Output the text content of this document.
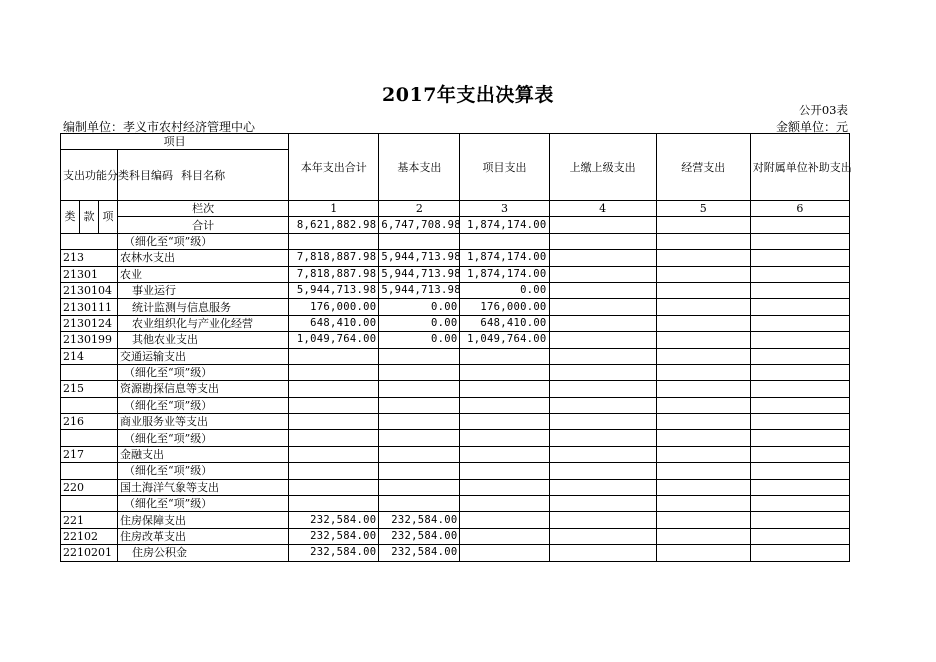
2017年支出决算表
公开03表
编制单位：孝义市农村经济管理中心	金额单位：元
项目				本年支出合计	基本支出	项目支出	上缴上级支出	经营支出	对附属单位补助支出
支出功能分类科目编码			科目名称						

类	款	项	栏次	1	2	3	4	5	6
			合计	8,621,882.98	6,747,708.98	1,874,174.00			
			（细化至“项”级）						
213			农林水支出	7,818,887.98	5,944,713.98	1,874,174.00			
21301			农业	7,818,887.98	5,944,713.98	1,874,174.00			
2130104			事业运行	5,944,713.98	5,944,713.98	0.00			
2130111			统计监测与信息服务	176,000.00	0.00	176,000.00			
2130124			农业组织化与产业化经营	648,410.00	0.00	648,410.00			
2130199			其他农业支出	1,049,764.00	0.00	1,049,764.00			
214			交通运输支出						
			（细化至“项”级）						
215			资源勘探信息等支出						
			（细化至“项”级）						
216			商业服务业等支出						
			（细化至“项”级）						
217			金融支出						
			（细化至“项”级）						
220			国土海洋气象等支出						
			（细化至“项”级）						
221			住房保障支出	232,584.00	232,584.00				
22102			住房改革支出	232,584.00	232,584.00				
2210201			住房公积金	232,584.00	232,584.00				
